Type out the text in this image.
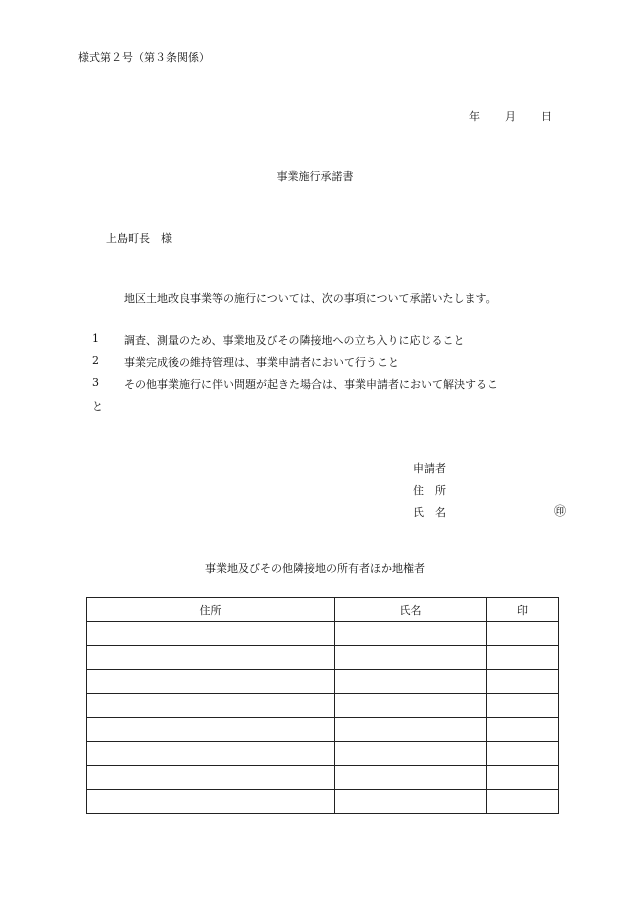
様式第２号（第３条関係）
年 月 日
事業施行承諾書
上島町長　様
地区土地改良事業等の施行については、次の事項について承諾いたします。
1 調査、測量のため、事業地及びその隣接地への立ち入りに応じること
2 事業完成後の維持管理は、事業申請者において行うこと
3 その他事業施行に伴い問題が起きた場合は、事業申請者において解決するこ
と
申請者
住　所
氏　名	㊞
事業地及びその他隣接地の所有者ほか地権者
住所	氏名	印
